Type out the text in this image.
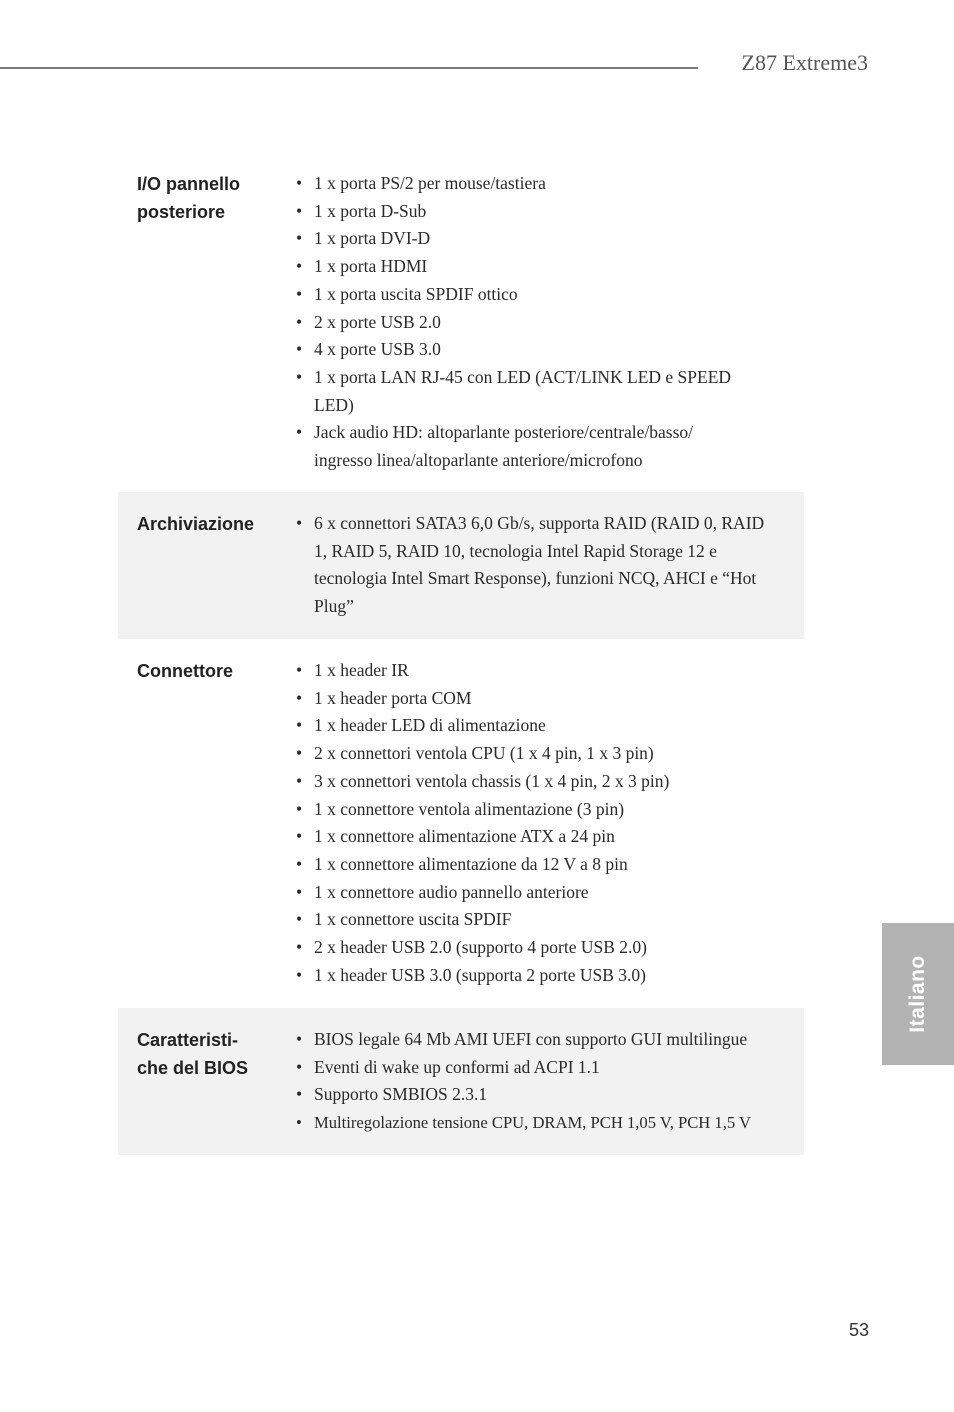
Z87 Extreme3
I/O pannello
posteriore
• 1 x porta PS/2 per mouse/tastiera
• 1 x porta D-Sub
• 1 x porta DVI-D
• 1 x porta HDMI
• 1 x porta uscita SPDIF ottico
• 2 x porte USB 2.0
• 4 x porte USB 3.0
• 1 x porta LAN RJ-45 con LED (ACT/LINK LED e SPEED LED)
• Jack audio HD: altoparlante posteriore/centrale/basso/ ingresso linea/altoparlante anteriore/microfono
Archiviazione	• 6 x connettori SATA3 6,0 Gb/s, supporta RAID (RAID 0, RAID 1, RAID 5, RAID 10, tecnologia Intel Rapid Storage 12 e tecnologia Intel Smart Response), funzioni NCQ, AHCI e “Hot Plug”
Connettore	• 1 x header IR
• 1 x header porta COM
• 1 x header LED di alimentazione
• 2 x connettori ventola CPU (1 x 4 pin, 1 x 3 pin)
• 3 x connettori ventola chassis (1 x 4 pin, 2 x 3 pin)
• 1 x connettore ventola alimentazione (3 pin)
• 1 x connettore alimentazione ATX a 24 pin
• 1 x connettore alimentazione da 12 V a 8 pin
• 1 x connettore audio pannello anteriore
• 1 x connettore uscita SPDIF
• 2 x header USB 2.0 (supporto 4 porte USB 2.0)
• 1 x header USB 3.0 (supporta 2 porte USB 3.0)
Caratteristi-
che del BIOS
• BIOS legale 64 Mb AMI UEFI con supporto GUI multilingue
• Eventi di wake up conformi ad ACPI 1.1
• Supporto SMBIOS 2.3.1
• Multiregolazione tensione CPU, DRAM, PCH 1,05 V, PCH 1,5 V
Italiano
53
